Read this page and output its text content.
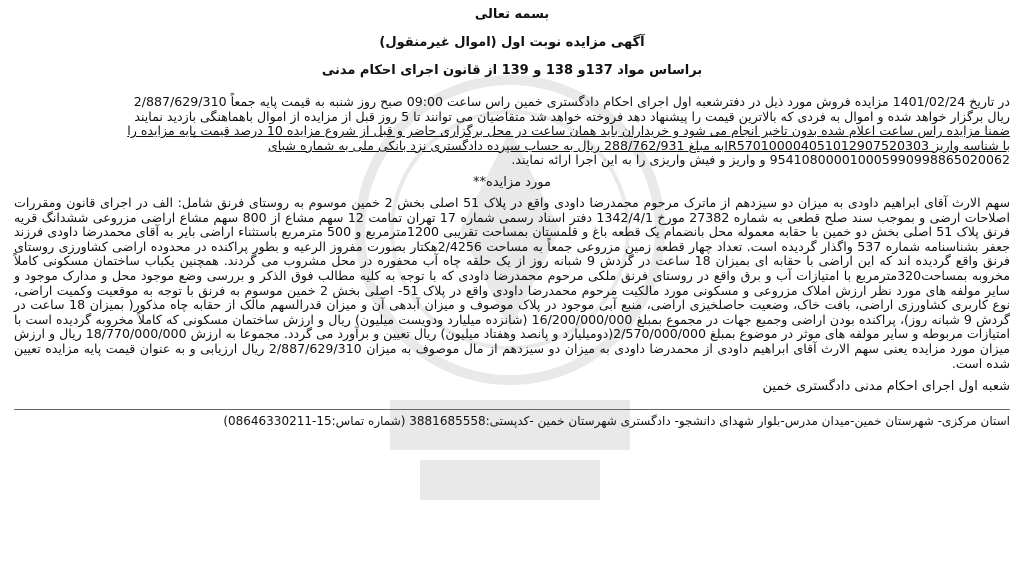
بسمه تعالی
آگهی مزایده نوبت اول (اموال غیرمنقول)
براساس مواد 137و 138 و 139 از قانون اجرای احکام مدنی
در تاریخ 1401/02/24 مزایده فروش مورد ذیل در دفترشعبه اول اجرای احکام دادگستری خمین راس ساعت 09:00 صبح روز شنبه به قیمت پایه جمعاً 2/887/629/310
ریال برگزار خواهد شده و اموال به فردی که بالاترین قیمت را پیشنهاد دهد فروخته خواهد شد متقاضیان می توانند تا 5 روز قبل از مزایده از اموال باهماهنگی بازدید نمایند
ضمنا مزایده راس ساعت اعلام شده بدون تاخیر انجام می شود و خریداران باید همان ساعت در محل برگزاری حاضر و قبل از شروع مزایده 10 درصد قیمت پایه مزایده را
با شناسه واریز IR570100004051012907520303به مبلغ 288/762/931 ریال به حساب سپرده دادگستری نزد بانکی ملی به شماره شبای
954108000010005990998865020062 و واریز و فیش واریزی را به این اجرا ارائه نمایند.
مورد مزایده**
سهم الارث آقای ابراهیم داودی به میزان دو سیزدهم از ماترک مرحوم محمدرضا داودی واقع در پلاک 51 اصلی بخش 2 خمین موسوم به روستای فرنق شامل: الف در اجرای قانون ومقررات اصلاحات ارضی و بموجب سند صلح قطعی به شماره 27382 مورخ 1342/4/1 دفتر اسناد رسمی شماره 17 تهران تمامت 12 سهم مشاع از 800 سهم مشاع اراضی مزروعی ششدانگ قریه فرنق پلاک 51 اصلی بخش دو خمین با حقابه معموله محل بانضمام یک قطعه باغ و قلمستان بمساحت تقریبی 1200مترمربع و 500 مترمربع باستثناء اراضی بایر به آقای محمدرضا داودی فرزند جعفر بشناسنامه شماره 537 واگذار گردیده است. تعداد چهار قطعه زمین مزروعی جمعاً به مساحت 2/4256هکتار بصورت مفروز الرعیه و بطور پراکنده در محدوده اراضی کشاورزی روستای فرنق واقع گردیده اند که این اراضی با حقابه ای بمیزان 18 ساعت در گردش 9 شبانه روز از یک حلقه چاه آب محفوره در محل مشروب می گردند. همچنین یکباب ساختمان مسکونی کاملاً مخروبه بمساحت320مترمربع با امتیازات آب و برق واقع در روستای فرنق ملکی مرحوم محمدرضا داودی که با توجه به کلیه مطالب فوق الذکر و بررسی وضع موجود محل و مدارک موجود و سایر مولفه های مورد نظر ارزش املاک مزروعی و مسکونی مورد مالکیت مرحوم محمدرضا داودی واقع در پلاک 51- اصلی بخش 2 خمین موسوم به فرنق با توجه به موقعیت وکمیت اراضی، نوع کاربری کشاورزی اراضی، بافت خاک، وضعیت حاصلخیزی اراضی، منبع آبی موجود در پلاک موصوف و میزان آبدهی آن و میزان قدرالسهم مالک از حقابه چاه مذکور( بمیزان 18 ساعت در گردش 9 شبانه روز)، پراکنده بودن اراضی وجمیع جهات در مجموع بمبلغ 16/200/000/000 (شانزده میلیارد ودویست میلیون) ریال و ارزش ساختمان مسکونی که کاملاً مخروبه گردیده است با امتیازات مربوطه و سایر مولفه های موثر در موضوع بمبلغ 2/570/000/000(دومیلیارد و پانصد وهفتاد میلیون) ریال تعیین و برآورد می گردد. مجموعا به ارزش 18/770/000/000 ریال و ارزش میزان مورد مزایده یعنی سهم الارث آقای ابراهیم داودی از محمدرضا داودی به میزان دو سیزدهم از مال موصوف به میزان 2/887/629/310 ریال ارزیابی و به عنوان قیمت پایه مزایده تعیین شده است.
شعبه اول اجرای احکام مدنی دادگستری خمین
استان مرکزی- شهرستان خمین-میدان مدرس-بلوار شهدای دانشجو- دادگستری شهرستان خمین -کدپستی:3881685558 (شماره تماس:15-08646330211)
